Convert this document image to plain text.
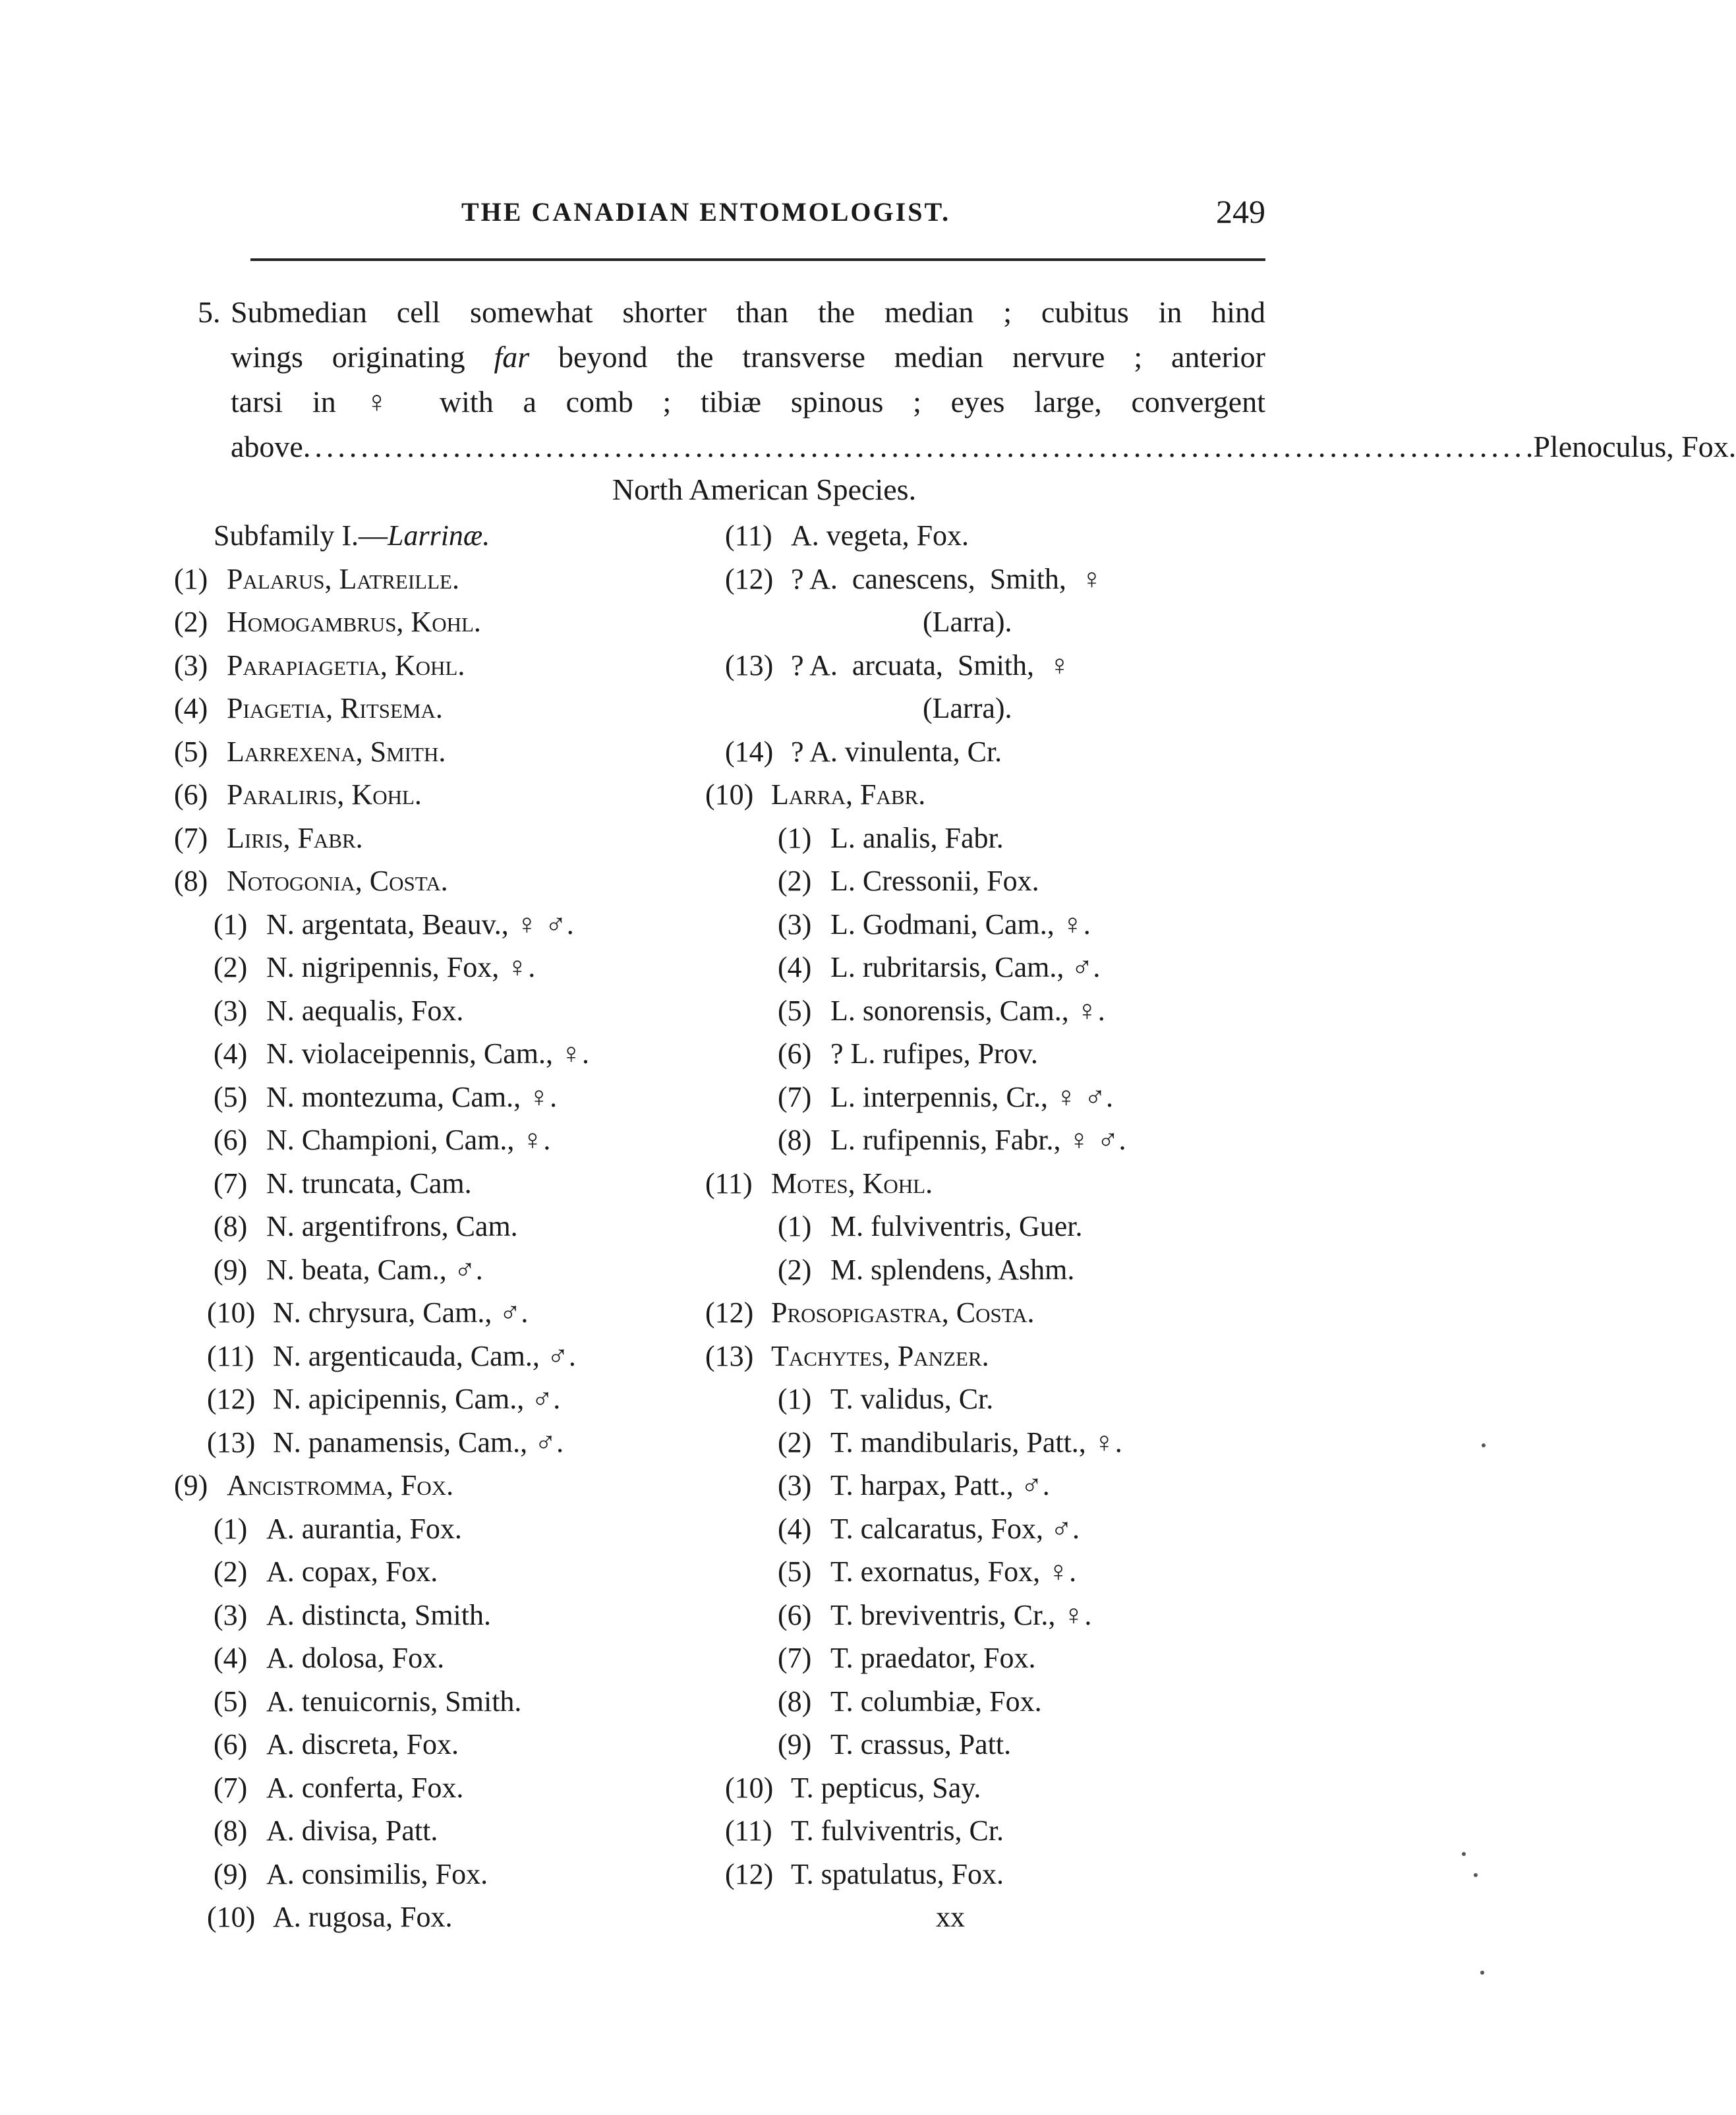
THE CANADIAN ENTOMOLOGIST.	249
5. Submedian cell somewhat shorter than the median ; cubitus in hind
wings originating far beyond the transverse median nervure ; anterior
tarsi in ♀ with a comb ; tibiæ spinous ; eyes large, convergent
above .......................................................................................................... .Plenoculus, Fox.
North American Species.
Subfamily I.—Larrinæ.
(1) Palarus, Latreille.
(2) Homogambrus, Kohl.
(3) Parapiagetia, Kohl.
(4) Piagetia, Ritsema.
(5) Larrexena, Smith.
(6) Paraliris, Kohl.
(7) Liris, Fabr.
(8) Notogonia, Costa.
(1) N. argentata, Beauv., ♀ ♂.
(2) N. nigripennis, Fox, ♀.
(3) N. aequalis, Fox.
(4) N. violaceipennis, Cam., ♀.
(5) N. montezuma, Cam., ♀.
(6) N. Championi, Cam., ♀.
(7) N. truncata, Cam.
(8) N. argentifrons, Cam.
(9) N. beata, Cam., ♂.
(10) N. chrysura, Cam., ♂.
(11) N. argenticauda, Cam., ♂.
(12) N. apicipennis, Cam., ♂.
(13) N. panamensis, Cam., ♂.
(9) Ancistromma, Fox.
(1) A. aurantia, Fox.
(2) A. copax, Fox.
(3) A. distincta, Smith.
(4) A. dolosa, Fox.
(5) A. tenuicornis, Smith.
(6) A. discreta, Fox.
(7) A. conferta, Fox.
(8) A. divisa, Patt.
(9) A. consimilis, Fox.
(10) A. rugosa, Fox.
(11) A. vegeta, Fox.
(12) ? A.  canescens,  Smith,  ♀
(Larra).
(13) ? A.  arcuata,  Smith,  ♀
(Larra).
(14) ? A. vinulenta, Cr.
(10) Larra, Fabr.
(1) L. analis, Fabr.
(2) L. Cressonii, Fox.
(3) L. Godmani, Cam., ♀.
(4) L. rubritarsis, Cam., ♂.
(5) L. sonorensis, Cam., ♀.
(6) ? L. rufipes, Prov.
(7) L. interpennis, Cr., ♀ ♂.
(8) L. rufipennis, Fabr., ♀ ♂.
(11) Motes, Kohl.
(1) M. fulviventris, Guer.
(2) M. splendens, Ashm.
(12) Prosopigastra, Costa.
(13) Tachytes, Panzer.
(1) T. validus, Cr.
(2) T. mandibularis, Patt., ♀.
(3) T. harpax, Patt., ♂.
(4) T. calcaratus, Fox, ♂.
(5) T. exornatus, Fox, ♀.
(6) T. breviventris, Cr., ♀.
(7) T. praedator, Fox.
(8) T. columbiæ, Fox.
(9) T. crassus, Patt.
(10) T. pepticus, Say.
(11) T. fulviventris, Cr.
(12) T. spatulatus, Fox.
xx
